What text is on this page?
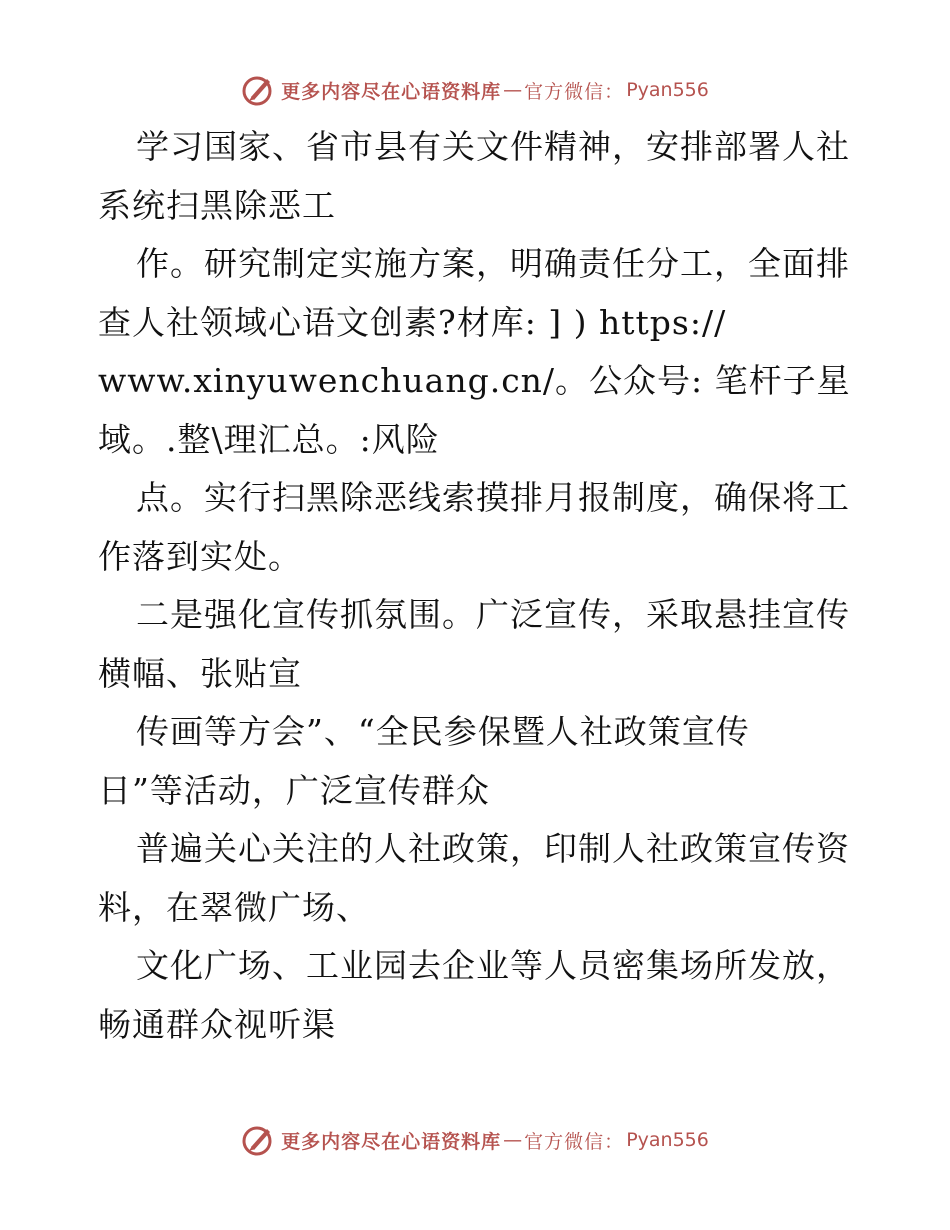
更多内容尽在心语资料库 — 官方微信： Pyan556
学习国家、省市县有关文件精神，安排部署人社
系统扫黑除恶工
作。研究制定实施方案，明确责任分工，全面排
查人社领域心语文创素?材库: ] ) https://
www.xinyuwenchuang.cn/。公众号: 笔杆子星
域。.整\理汇总。:风险
点。实行扫黑除恶线索摸排月报制度，确保将工
作落到实处。
二是强化宣传抓氛围。广泛宣传，采取悬挂宣传
横幅、张贴宣
传画等方会”、“全民参保暨人社政策宣传
日”等活动，广泛宣传群众
普遍关心关注的人社政策，印制人社政策宣传资
料，在翠微广场、
文化广场、工业园去企业等人员密集场所发放，
畅通群众视听渠
更多内容尽在心语资料库 — 官方微信： Pyan556
